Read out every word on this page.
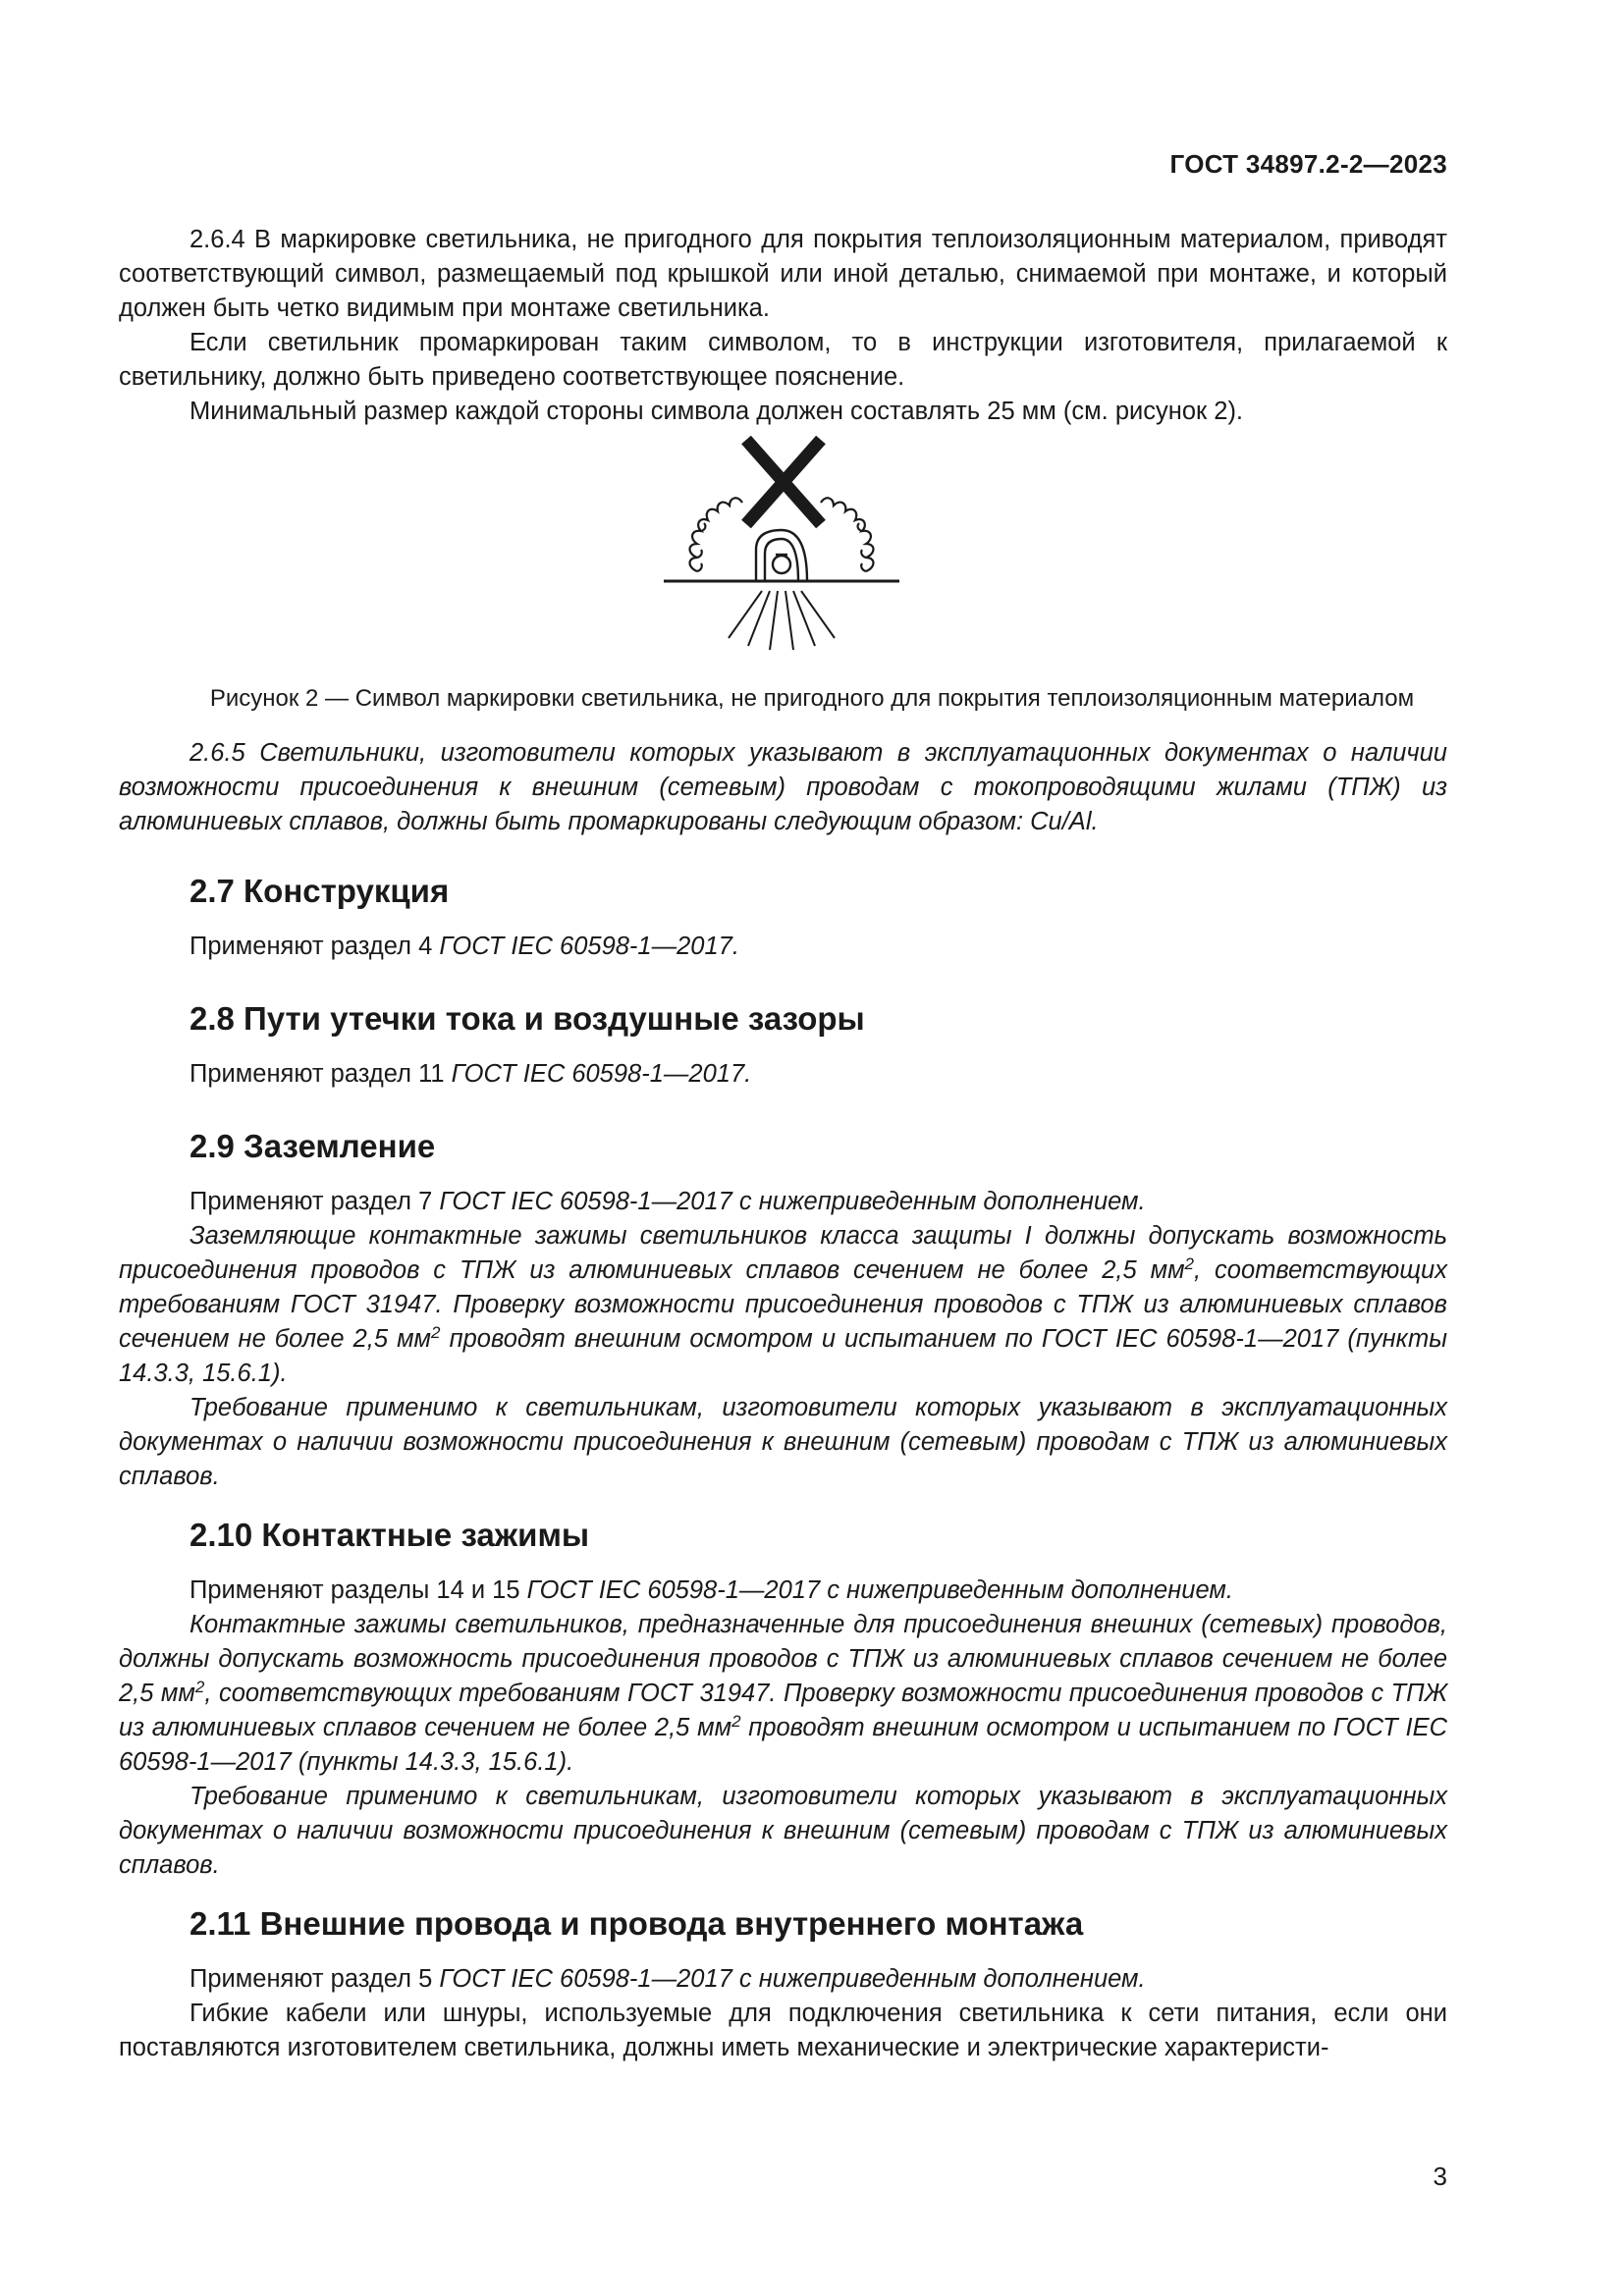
ГОСТ 34897.2-2—2023

2.6.4 В маркировке светильника, не пригодного для покрытия теплоизоляционным материалом, приводят соответствующий символ, размещаемый под крышкой или иной деталью, снимаемой при монтаже, и который должен быть четко видимым при монтаже светильника.

Если светильник промаркирован таким символом, то в инструкции изготовителя, прилагаемой к светильнику, должно быть приведено соответствующее пояснение.

Минимальный размер каждой стороны символа должен составлять 25 мм (см. рисунок 2).

Рисунок 2 — Символ маркировки светильника, не пригодного для покрытия теплоизоляционным материалом

2.6.5 Светильники, изготовители которых указывают в эксплуатационных документах о наличии возможности присоединения к внешним (сетевым) проводам с токопроводящими жилами (ТПЖ) из алюминиевых сплавов, должны быть промаркированы следующим образом: Cu/Al.

2.7 Конструкция

Применяют раздел 4 ГОСТ IEC 60598-1—2017.

2.8 Пути утечки тока и воздушные зазоры

Применяют раздел 11 ГОСТ IEC 60598-1—2017.

2.9 Заземление

Применяют раздел 7 ГОСТ IEC 60598-1—2017 с нижеприведенным дополнением.

Заземляющие контактные зажимы светильников класса защиты I должны допускать возможность присоединения проводов с ТПЖ из алюминиевых сплавов сечением не более 2,5 $мм^2$, соответствующих требованиям ГОСТ 31947. Проверку возможности присоединения проводов с ТПЖ из алюминиевых сплавов сечением не более 2,5 $мм^2$ проводят внешним осмотром и испытанием по ГОСТ IEC 60598-1—2017 (пункты 14.3.3, 15.6.1).

Требование применимо к светильникам, изготовители которых указывают в эксплуатационных документах о наличии возможности присоединения к внешним (сетевым) проводам с ТПЖ из алюминиевых сплавов.

2.10 Контактные зажимы

Применяют разделы 14 и 15 ГОСТ IEC 60598-1—2017 с нижеприведенным дополнением.

Контактные зажимы светильников, предназначенные для присоединения внешних (сетевых) проводов, должны допускать возможность присоединения проводов с ТПЖ из алюминиевых сплавов сечением не более 2,5 $мм^2$, соответствующих требованиям ГОСТ 31947. Проверку возможности присоединения проводов с ТПЖ из алюминиевых сплавов сечением не более 2,5 $мм^2$ проводят внешним осмотром и испытанием по ГОСТ IEC 60598-1—2017 (пункты 14.3.3, 15.6.1).

Требование применимо к светильникам, изготовители которых указывают в эксплуатационных документах о наличии возможности присоединения к внешним (сетевым) проводам с ТПЖ из алюминиевых сплавов.

2.11 Внешние провода и провода внутреннего монтажа

Применяют раздел 5 ГОСТ IEC 60598-1—2017 с нижеприведенным дополнением.

Гибкие кабели или шнуры, используемые для подключения светильника к сети питания, если они поставляются изготовителем светильника, должны иметь механические и электрические характеристи-

3
